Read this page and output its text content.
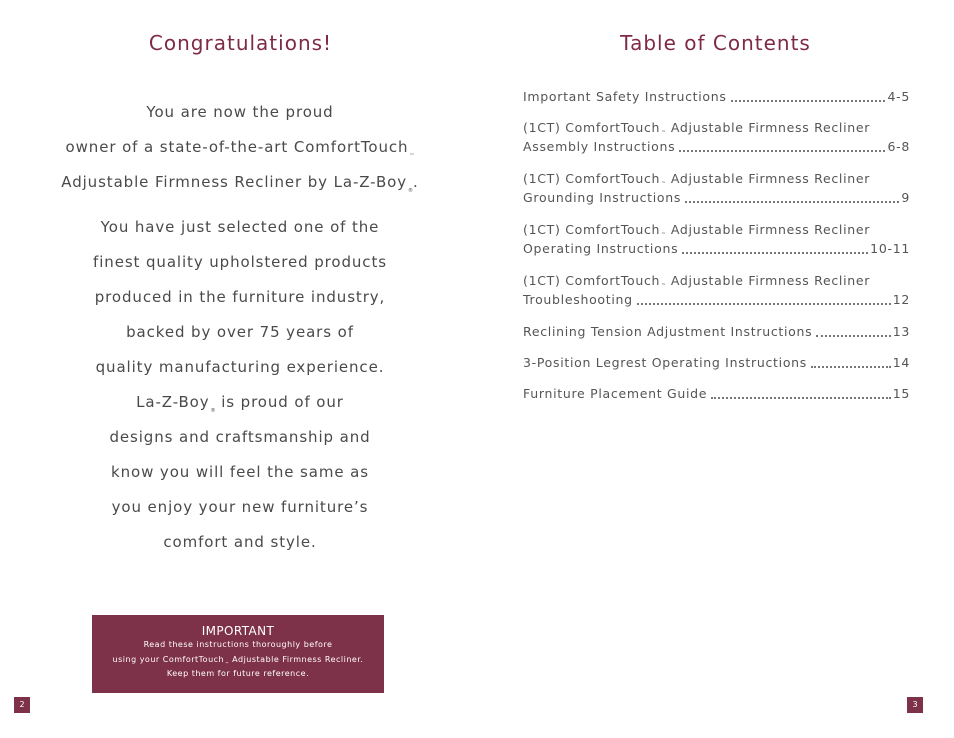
Congratulations!
You are now the proud
owner of a state-of-the-art ComfortTouch™
Adjustable Firmness Recliner by La-Z-Boy®.
You have just selected one of the
finest quality upholstered products
produced in the furniture industry,
backed by over 75 years of
quality manufacturing experience.
La-Z-Boy® is proud of our
designs and craftsmanship and
know you will feel the same as
you enjoy your new furniture’s
comfort and style.
IMPORTANT
Read these instructions thoroughly before
using your ComfortTouch™ Adjustable Firmness Recliner.
Keep them for future reference.
2
Table of Contents
Important Safety Instructions	4-5
(1CT) ComfortTouch™ Adjustable Firmness Recliner
Assembly Instructions	6-8
(1CT) ComfortTouch™ Adjustable Firmness Recliner
Grounding Instructions	9
(1CT) ComfortTouch™ Adjustable Firmness Recliner
Operating Instructions	10-11
(1CT) ComfortTouch™ Adjustable Firmness Recliner
Troubleshooting	12
Reclining Tension Adjustment Instructions	13
3-Position Legrest Operating Instructions	14
Furniture Placement Guide	15
3
